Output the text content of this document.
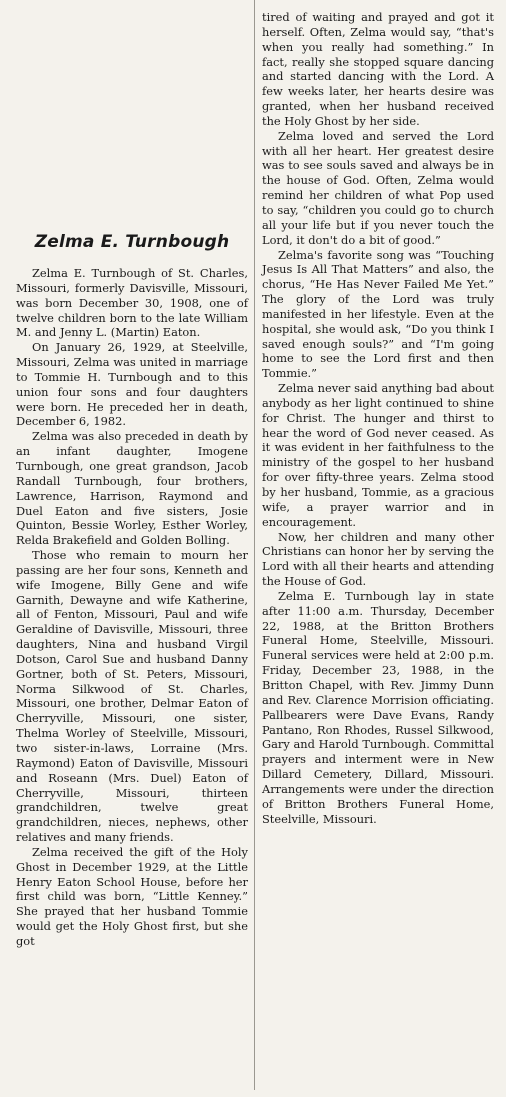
Zelma E. Turnbough

Zelma E. Turnbough of St. Charles, Missouri, formerly Davisville, Missouri, was born December 30, 1908, one of twelve children born to the late William M. and Jenny L. (Martin) Eaton.

On January 26, 1929, at Steelville, Missouri, Zelma was united in marriage to Tommie H. Turnbough and to this union four sons and four daughters were born. He preceded her in death, December 6, 1982.

Zelma was also preceded in death by an infant daughter, Imogene Turnbough, one great grandson, Jacob Randall Turnbough, four brothers, Lawrence, Harrison, Raymond and Duel Eaton and five sisters, Josie Quinton, Bessie Worley, Esther Worley, Relda Brakefield and Golden Bolling.

Those who remain to mourn her passing are her four sons, Kenneth and wife Imogene, Billy Gene and wife Garnith, Dewayne and wife Katherine, all of Fenton, Missouri, Paul and wife Geraldine of Davisville, Missouri, three daughters, Nina and husband Virgil Dotson, Carol Sue and husband Danny Gortner, both of St. Peters, Missouri, Norma Silkwood of St. Charles, Missouri, one brother, Delmar Eaton of Cherryville, Missouri, one sister, Thelma Worley of Steelville, Missouri, two sister-in-laws, Lorraine (Mrs. Raymond) Eaton of Davisville, Missouri and Roseann (Mrs. Duel) Eaton of Cherryville, Missouri, thirteen grandchildren, twelve great grandchildren, nieces, nephews, other relatives and many friends.

Zelma received the gift of the Holy Ghost in December 1929, at the Little Henry Eaton School House, before her first child was born, “Little Kenney.” She prayed that her husband Tommie would get the Holy Ghost first, but she got

tired of waiting and prayed and got it herself. Often, Zelma would say, “that's when you really had something.” In fact, really she stopped square dancing and started dancing with the Lord. A few weeks later, her hearts desire was granted, when her husband received the Holy Ghost by her side.

Zelma loved and served the Lord with all her heart. Her greatest desire was to see souls saved and always be in the house of God. Often, Zelma would remind her children of what Pop used to say, “children you could go to church all your life but if you never touch the Lord, it don't do a bit of good.”

Zelma's favorite song was “Touching Jesus Is All That Matters” and also, the chorus, “He Has Never Failed Me Yet.” The glory of the Lord was truly manifested in her lifestyle. Even at the hospital, she would ask, “Do you think I saved enough souls?” and “I'm going home to see the Lord first and then Tommie.”

Zelma never said anything bad about anybody as her light continued to shine for Christ. The hunger and thirst to hear the word of God never ceased. As it was evident in her faithfulness to the ministry of the gospel to her husband for over fifty-three years. Zelma stood by her husband, Tommie, as a gracious wife, a prayer warrior and in encouragement.

Now, her children and many other Christians can honor her by serving the Lord with all their hearts and attending the House of God.

Zelma E. Turnbough lay in state after 11:00 a.m. Thursday, December 22, 1988, at the Britton Brothers Funeral Home, Steelville, Missouri. Funeral services were held at 2:00 p.m. Friday, December 23, 1988, in the Britton Chapel, with Rev. Jimmy Dunn and Rev. Clarence Morrision officiating. Pallbearers were Dave Evans, Randy Pantano, Ron Rhodes, Russel Silkwood, Gary and Harold Turnbough. Committal prayers and interment were in New Dillard Cemetery, Dillard, Missouri. Arrangements were under the direction of Britton Brothers Funeral Home, Steelville, Missouri.
